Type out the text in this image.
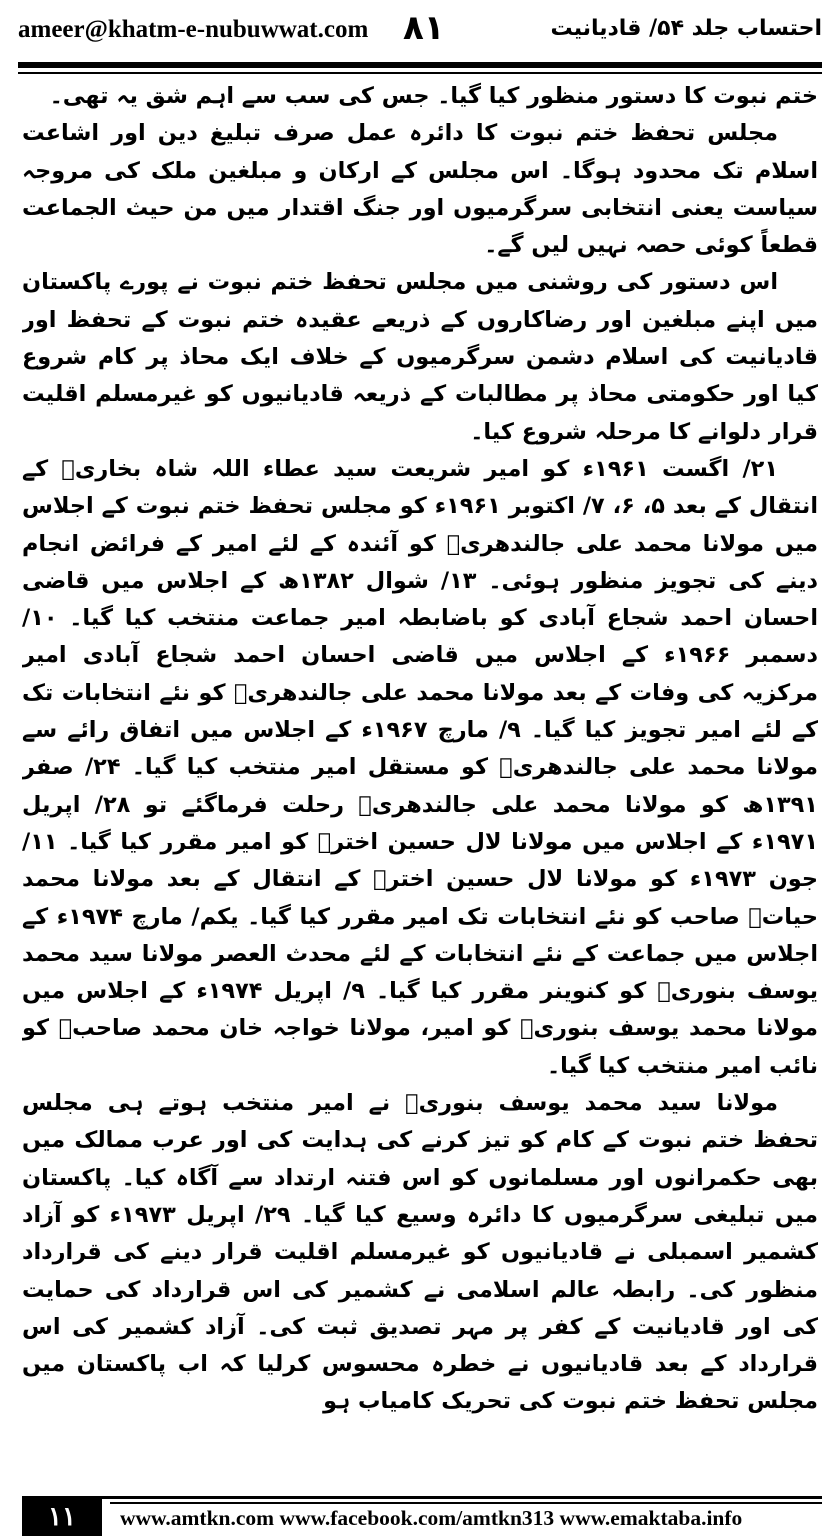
ameer@khatm-e-nubuwwat.com ۸۱	احتساب جلد ۵۴/ قادیانیت

ختم نبوت کا دستور منظور کیا گیا۔ جس کی سب سے اہم شق یہ تھی۔

مجلس تحفظ ختم نبوت کا دائرہ عمل صرف تبلیغ دین اور اشاعت اسلام تک محدود ہوگا۔ اس مجلس کے ارکان و مبلغین ملک کی مروجہ سیاست یعنی انتخابی سرگرمیوں اور جنگ اقتدار میں من حیث الجماعت قطعاً کوئی حصہ نہیں لیں گے۔

اس دستور کی روشنی میں مجلس تحفظ ختم نبوت نے پورے پاکستان میں اپنے مبلغین اور رضاکاروں کے ذریعے عقیدہ ختم نبوت کے تحفظ اور قادیانیت کی اسلام دشمن سرگرمیوں کے خلاف ایک محاذ پر کام شروع کیا اور حکومتی محاذ پر مطالبات کے ذریعہ قادیانیوں کو غیرمسلم اقلیت قرار دلوانے کا مرحلہ شروع کیا۔

۲۱/ اگست ۱۹۶۱ء کو امیر شریعت سید عطاء اللہ شاہ بخاریؒ کے انتقال کے بعد ۵، ۶، ۷/ اکتوبر ۱۹۶۱ء کو مجلس تحفظ ختم نبوت کے اجلاس میں مولانا محمد علی جالندھریؒ کو آئندہ کے لئے امیر کے فرائض انجام دینے کی تجویز منظور ہوئی۔ ۱۳/ شوال ۱۳۸۲ھ کے اجلاس میں قاضی احسان احمد شجاع آبادی کو باضابطہ امیر جماعت منتخب کیا گیا۔ ۱۰/ دسمبر ۱۹۶۶ء کے اجلاس میں قاضی احسان احمد شجاع آبادی امیر مرکزیہ کی وفات کے بعد مولانا محمد علی جالندھریؒ کو نئے انتخابات تک کے لئے امیر تجویز کیا گیا۔ ۹/ مارچ ۱۹۶۷ء کے اجلاس میں اتفاق رائے سے مولانا محمد علی جالندھریؒ کو مستقل امیر منتخب کیا گیا۔ ۲۴/ صفر ۱۳۹۱ھ کو مولانا محمد علی جالندھریؒ رحلت فرماگئے تو ۲۸/ اپریل ۱۹۷۱ء کے اجلاس میں مولانا لال حسین اخترؒ کو امیر مقرر کیا گیا۔ ۱۱/ جون ۱۹۷۳ء کو مولانا لال حسین اخترؒ کے انتقال کے بعد مولانا محمد حیاتؒ صاحب کو نئے انتخابات تک امیر مقرر کیا گیا۔ یکم/ مارچ ۱۹۷۴ء کے اجلاس میں جماعت کے نئے انتخابات کے لئے محدث العصر مولانا سید محمد یوسف بنوریؒ کو کنوینر مقرر کیا گیا۔ ۹/ اپریل ۱۹۷۴ء کے اجلاس میں مولانا محمد یوسف بنوریؒ کو امیر، مولانا خواجہ خان محمد صاحبؒ کو نائب امیر منتخب کیا گیا۔

مولانا سید محمد یوسف بنوریؒ نے امیر منتخب ہوتے ہی مجلس تحفظ ختم نبوت کے کام کو تیز کرنے کی ہدایت کی اور عرب ممالک میں بھی حکمرانوں اور مسلمانوں کو اس فتنہ ارتداد سے آگاہ کیا۔ پاکستان میں تبلیغی سرگرمیوں کا دائرہ وسیع کیا گیا۔ ۲۹/ اپریل ۱۹۷۳ء کو آزاد کشمیر اسمبلی نے قادیانیوں کو غیرمسلم اقلیت قرار دینے کی قرارداد منظور کی۔ رابطہ عالم اسلامی نے کشمیر کی اس قرارداد کی حمایت کی اور قادیانیت کے کفر پر مہر تصدیق ثبت کی۔ آزاد کشمیر کی اس قرارداد کے بعد قادیانیوں نے خطرہ محسوس کرلیا کہ اب پاکستان میں مجلس تحفظ ختم نبوت کی تحریک کامیاب ہو

۱۱	www.amtkn.com www.facebook.com/amtkn313 www.emaktaba.info
